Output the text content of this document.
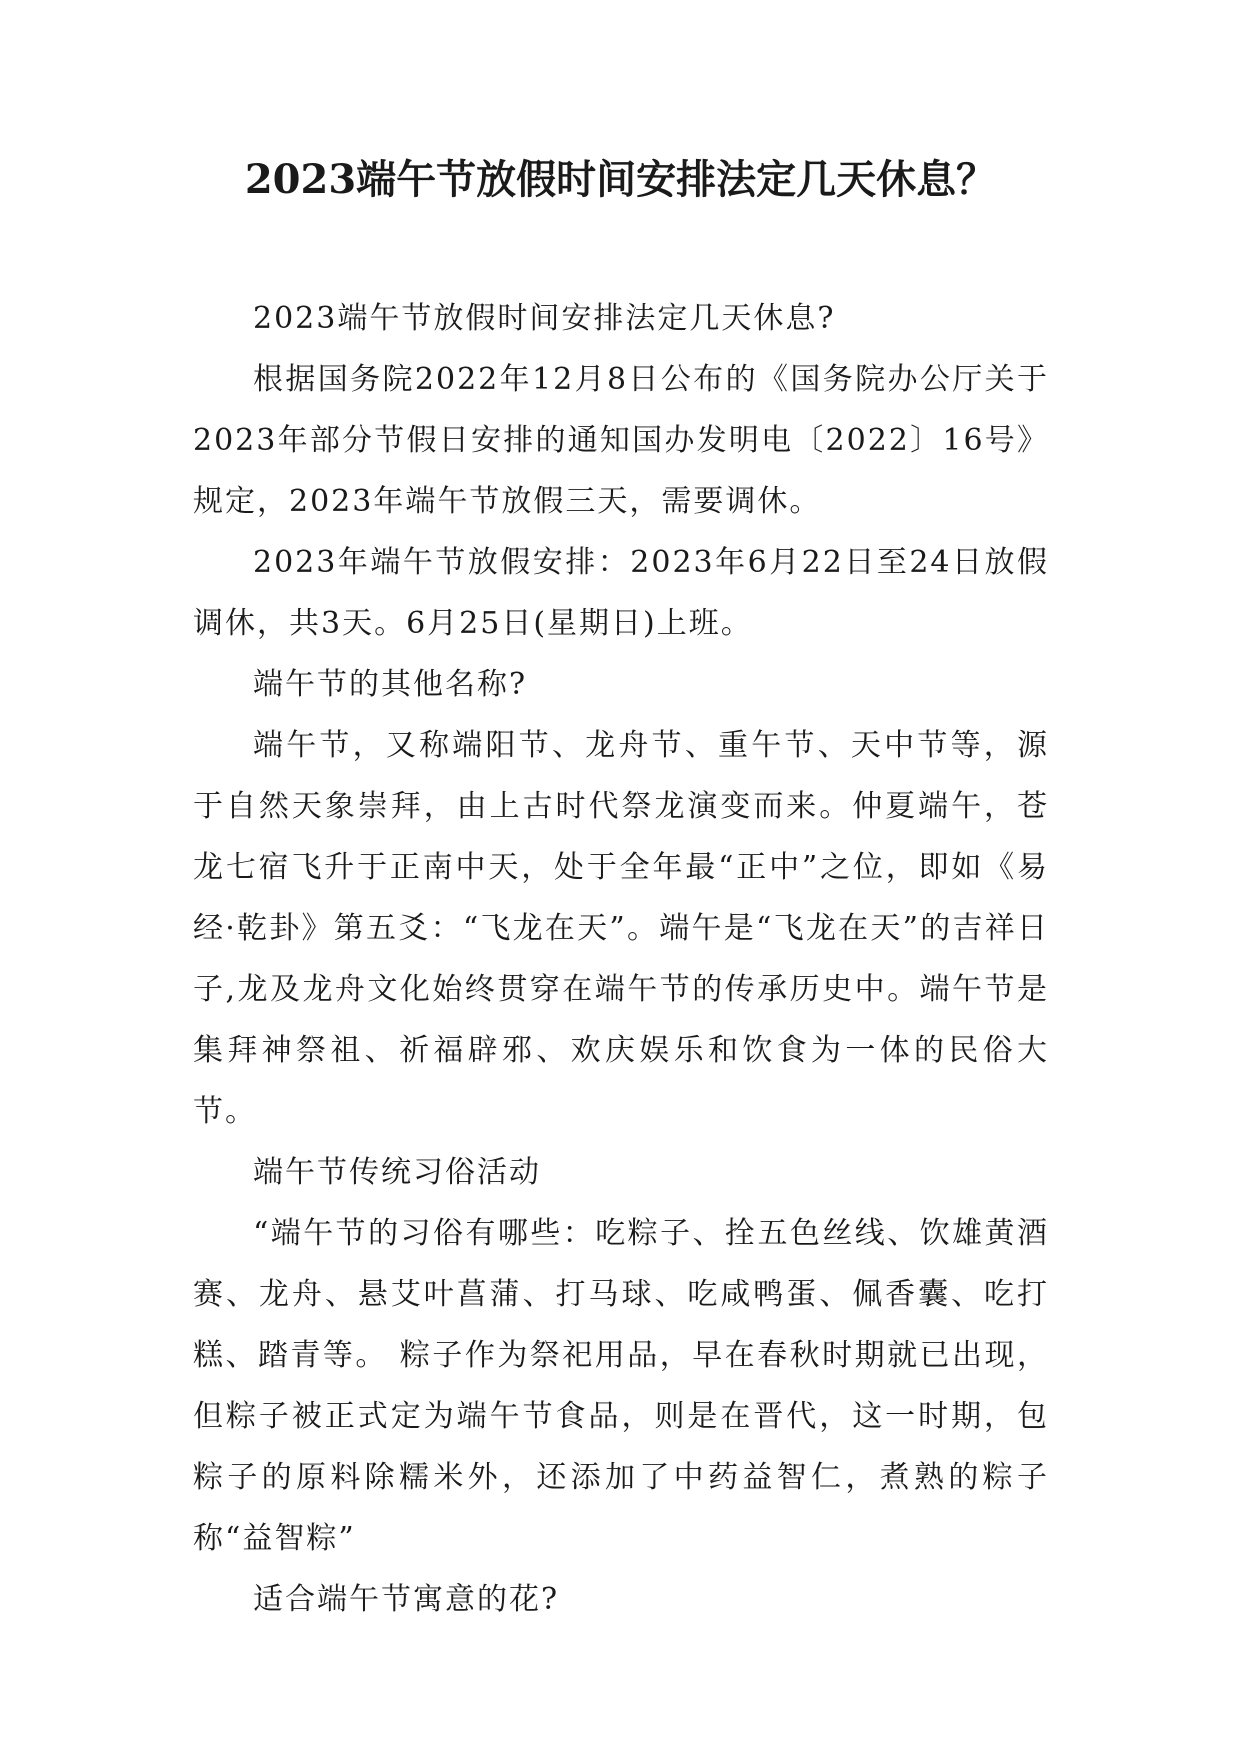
2023端午节放假时间安排法定几天休息？

2023端午节放假时间安排法定几天休息?

根据国务院2022年12月8日公布的《国务院办公厅关于2023年部分节假日安排的通知国办发明电〔2022〕16号》规定，2023年端午节放假三天，需要调休。

2023年端午节放假安排：2023年6月22日至24日放假调休，共3天。6月25日(星期日)上班。

端午节的其他名称?

端午节，又称端阳节、龙舟节、重午节、天中节等，源于自然天象崇拜，由上古时代祭龙演变而来。仲夏端午，苍龙七宿飞升于正南中天，处于全年最“正中”之位，即如《易经·乾卦》第五爻：“飞龙在天”。端午是“飞龙在天”的吉祥日子,龙及龙舟文化始终贯穿在端午节的传承历史中。端午节是集拜神祭祖、祈福辟邪、欢庆娱乐和饮食为一体的民俗大节。

端午节传统习俗活动

“端午节的习俗有哪些：吃粽子、拴五色丝线、饮雄黄酒赛、龙舟、悬艾叶菖蒲、打马球、吃咸鸭蛋、佩香囊、吃打糕、踏青等。 粽子作为祭祀用品，早在春秋时期就已出现，但粽子被正式定为端午节食品，则是在晋代，这一时期，包粽子的原料除糯米外，还添加了中药益智仁，煮熟的粽子称“益智粽”

适合端午节寓意的花?
